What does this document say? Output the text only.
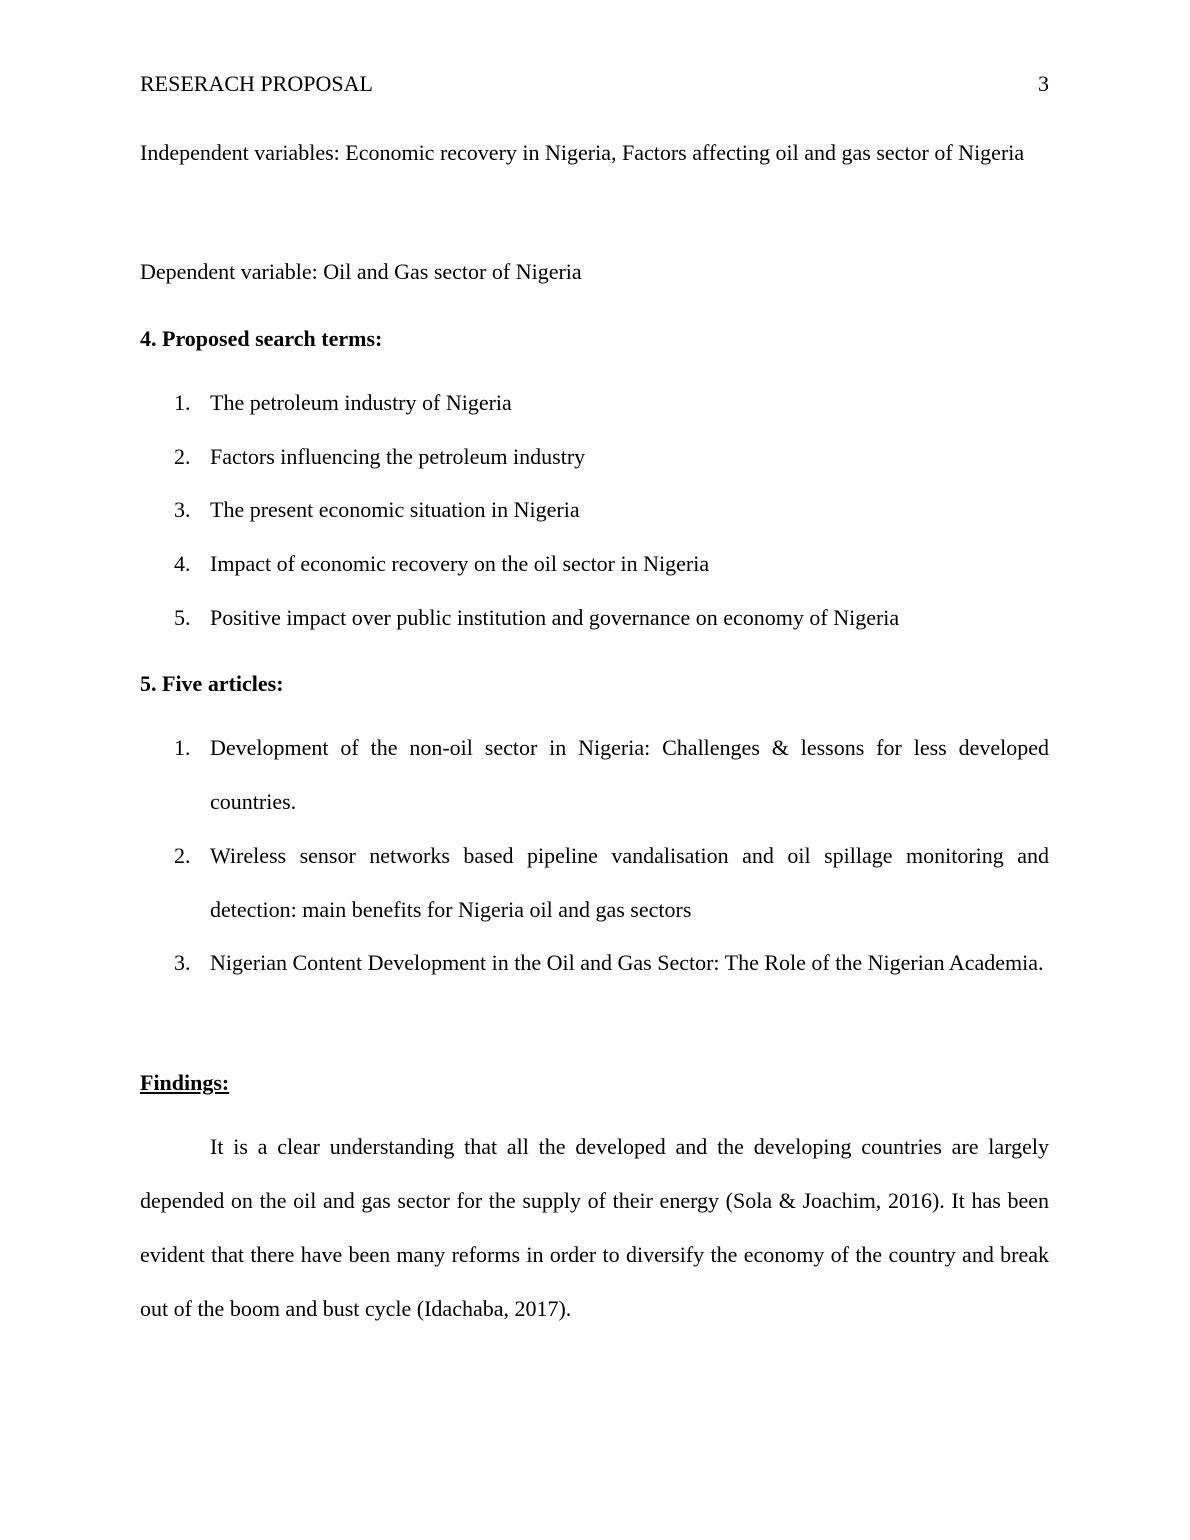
RESERACH PROPOSAL	3

Independent variables: Economic recovery in Nigeria, Factors affecting oil and gas sector of Nigeria

Dependent variable: Oil and Gas sector of Nigeria

4. Proposed search terms:
1. The petroleum industry of Nigeria
2. Factors influencing the petroleum industry
3. The present economic situation in Nigeria
4. Impact of economic recovery on the oil sector in Nigeria
5. Positive impact over public institution and governance on economy of Nigeria
5. Five articles:
1. Development of the non-oil sector in Nigeria: Challenges & lessons for less developed countries.
2. Wireless sensor networks based pipeline vandalisation and oil spillage monitoring and detection: main benefits for Nigeria oil and gas sectors
3. Nigerian Content Development in the Oil and Gas Sector: The Role of the Nigerian Academia.
Findings:

It is a clear understanding that all the developed and the developing countries are largely depended on the oil and gas sector for the supply of their energy (Sola & Joachim, 2016). It has been evident that there have been many reforms in order to diversify the economy of the country and break out of the boom and bust cycle (Idachaba, 2017).
